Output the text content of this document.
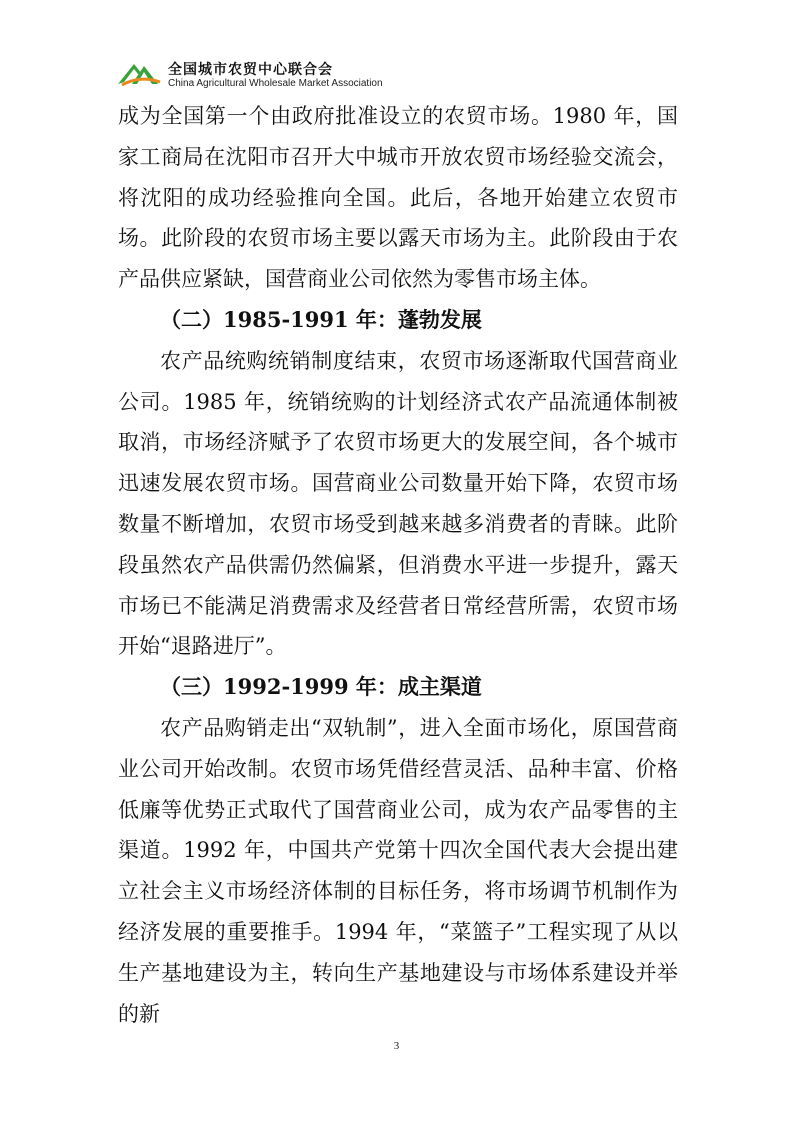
全国城市农贸中心联合会
China Agricultural Wholesale Market Association

成为全国第一个由政府批准设立的农贸市场。1980 年，国家工商局在沈阳市召开大中城市开放农贸市场经验交流会，将沈阳的成功经验推向全国。此后，各地开始建立农贸市场。此阶段的农贸市场主要以露天市场为主。此阶段由于农产品供应紧缺，国营商业公司依然为零售市场主体。

（二）1985-1991 年：蓬勃发展

农产品统购统销制度结束，农贸市场逐渐取代国营商业公司。1985 年，统销统购的计划经济式农产品流通体制被取消，市场经济赋予了农贸市场更大的发展空间，各个城市迅速发展农贸市场。国营商业公司数量开始下降，农贸市场数量不断增加，农贸市场受到越来越多消费者的青睐。此阶段虽然农产品供需仍然偏紧，但消费水平进一步提升，露天市场已不能满足消费需求及经营者日常经营所需，农贸市场开始“退路进厅”。

（三）1992-1999 年：成主渠道

农产品购销走出“双轨制”，进入全面市场化，原国营商业公司开始改制。农贸市场凭借经营灵活、品种丰富、价格低廉等优势正式取代了国营商业公司，成为农产品零售的主渠道。1992 年，中国共产党第十四次全国代表大会提出建立社会主义市场经济体制的目标任务，将市场调节机制作为经济发展的重要推手。1994 年，“菜篮子”工程实现了从以生产基地建设为主，转向生产基地建设与市场体系建设并举的新

3
